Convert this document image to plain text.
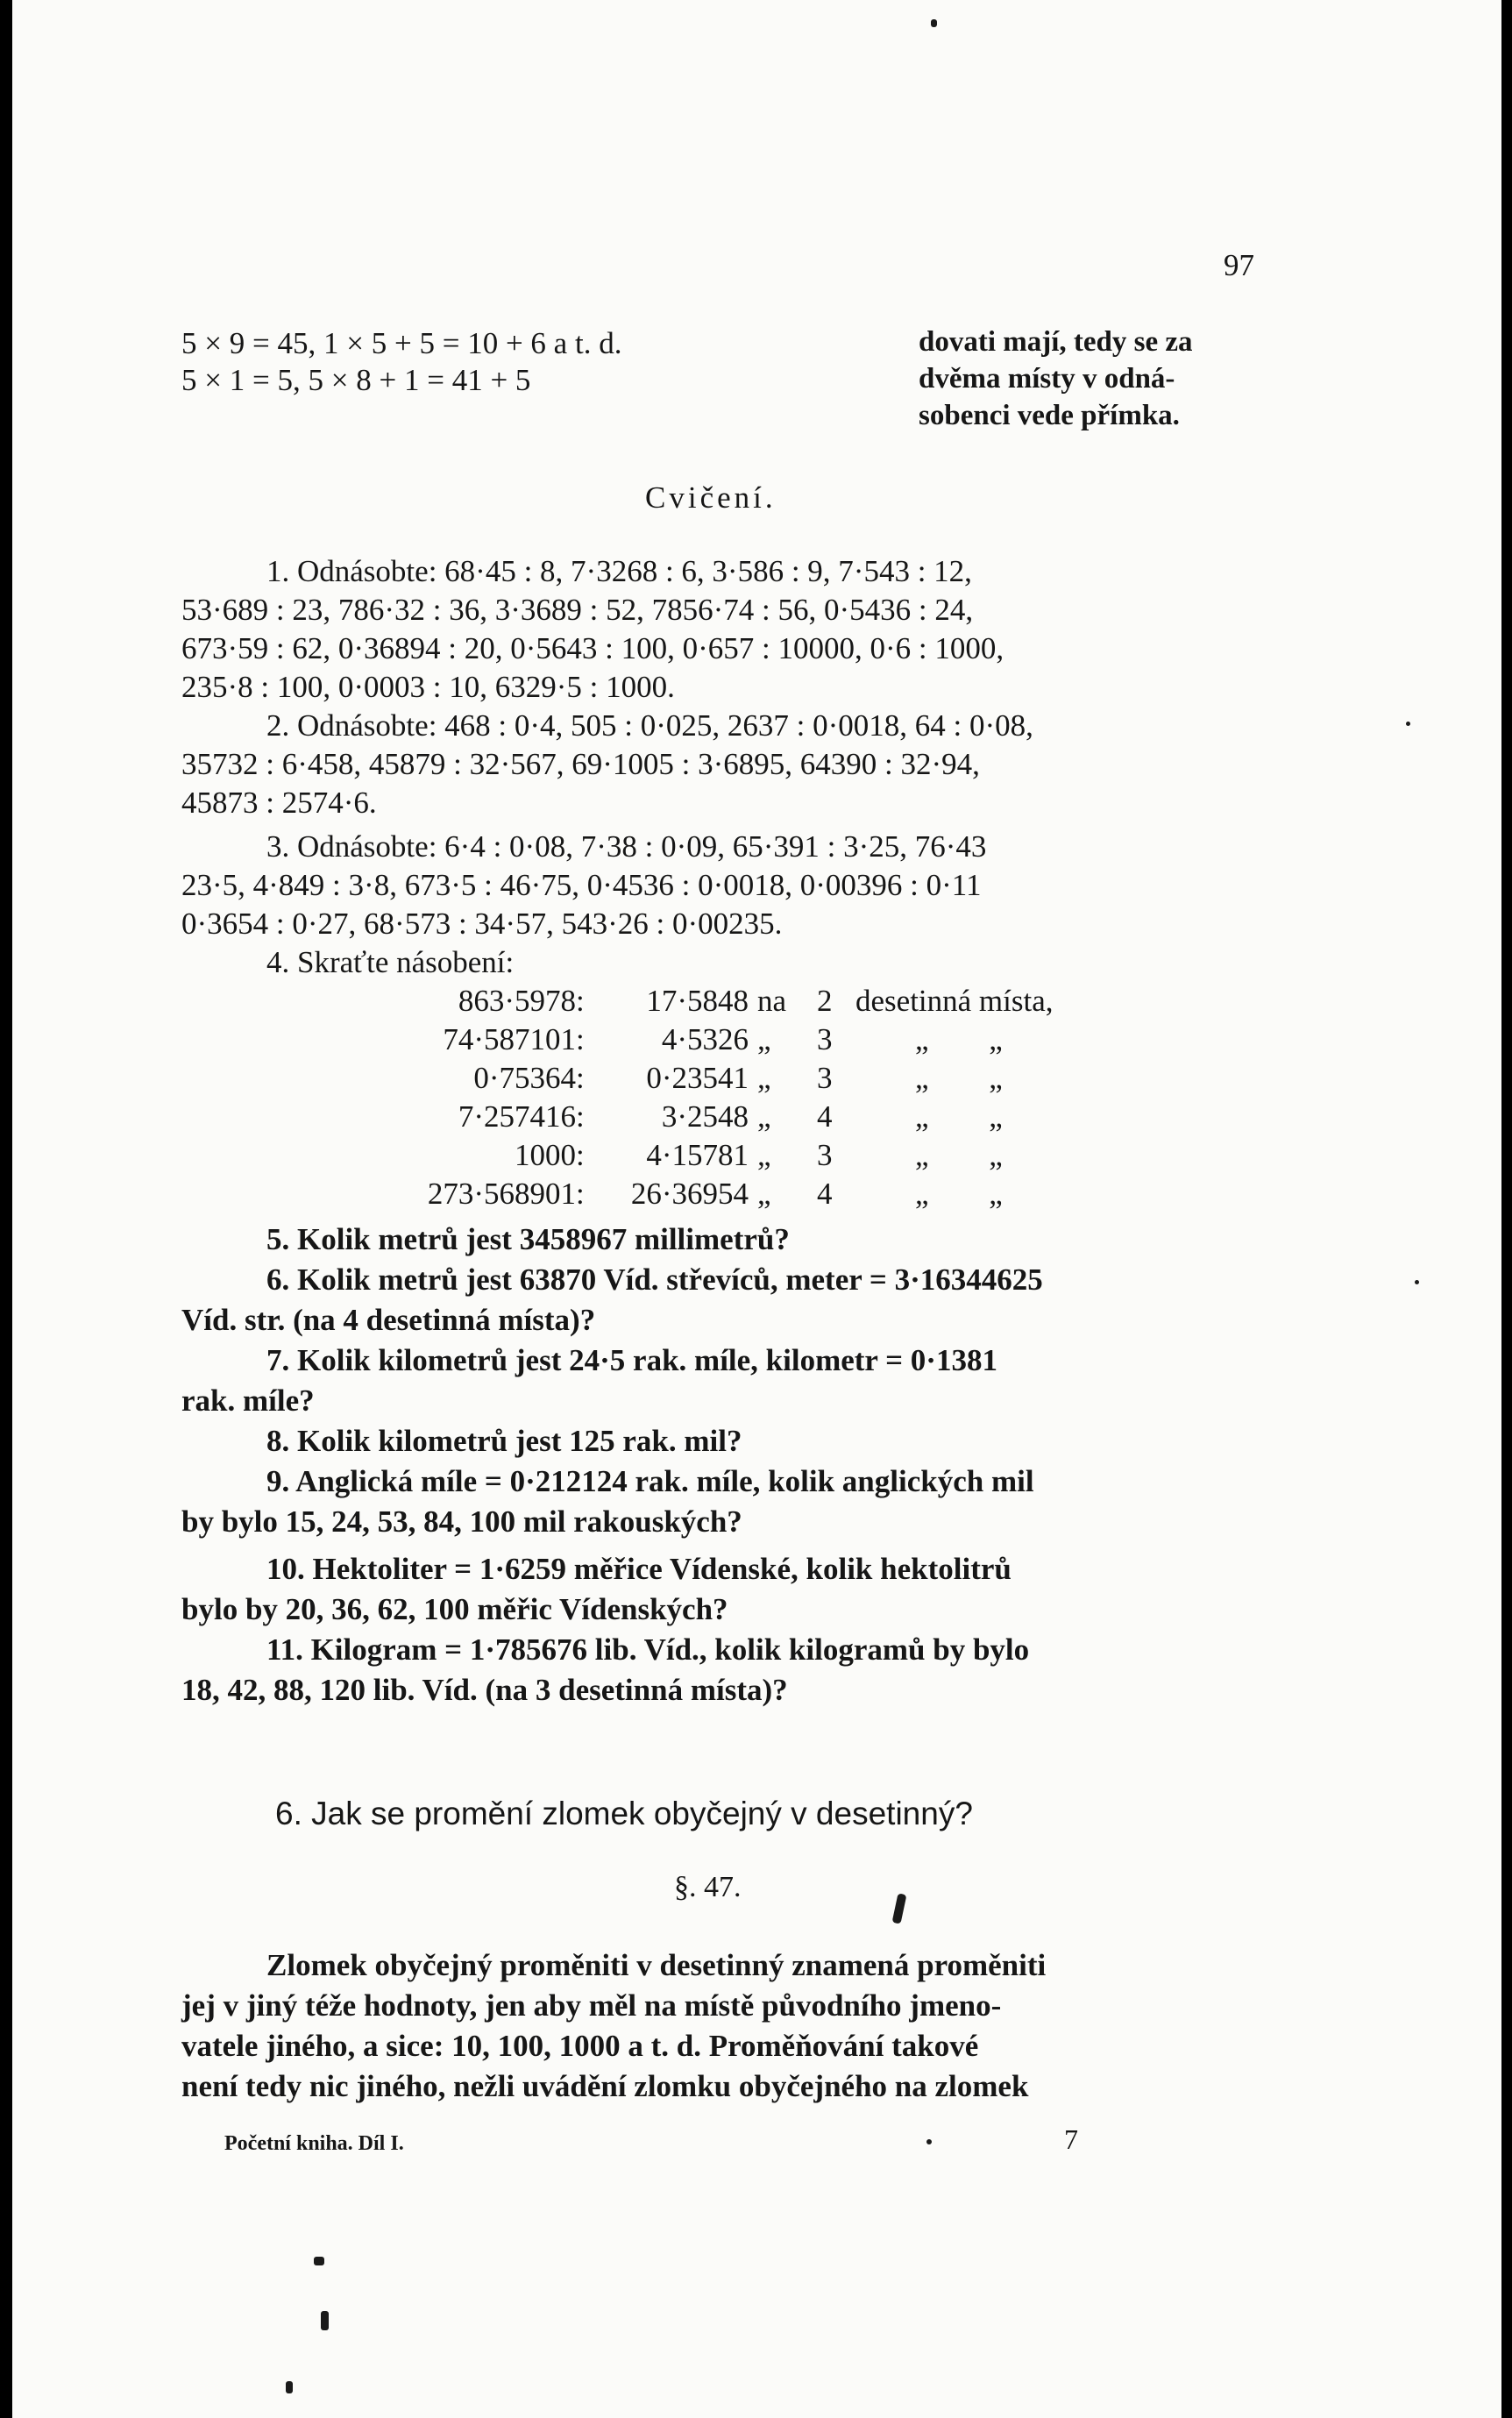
97
5 × 9 = 45, 1 × 5 + 5 = 10 + 6 a t. d.
5 × 1 = 5, 5 × 8 + 1 = 41 + 5
dovati mají, tedy se za
dvěma místy v odná-
sobenci vede přímka.
Cvičení.
1. Odnásobte: 68·45 : 8, 7·3268 : 6, 3·586 : 9, 7·543 : 12,
53·689 : 23, 786·32 : 36, 3·3689 : 52, 7856·74 : 56, 0·5436 : 24,
673·59 : 62, 0·36894 : 20, 0·5643 : 100, 0·657 : 10000, 0·6 : 1000,
235·8 : 100, 0·0003 : 10, 6329·5 : 1000.
2. Odnásobte: 468 : 0·4, 505 : 0·025, 2637 : 0·0018, 64 : 0·08,
35732 : 6·458, 45879 : 32·567, 69·1005 : 3·6895, 64390 : 32·94,
45873 : 2574·6.
3. Odnásobte: 6·4 : 0·08, 7·38 : 0·09, 65·391 : 3·25, 76·43
23·5, 4·849 : 3·8, 673·5 : 46·75, 0·4536 : 0·0018, 0·00396 : 0·11
0·3654 : 0·27, 68·573 : 34·57, 543·26 : 0·00235.
4. Skraťte násobení:
863·5978 :	17·5848 na 2 desetinná místa,
74·587101 :	4·5326 „ 3	„ „
0·75364 :	0·23541 „ 3	„ „
7·257416 :	3·2548 „ 4	„ „
1000 :	4·15781 „ 3	„ „
273·568901 :	26·36954 „ 4	„ „
5. Kolik metrů jest 3458967 millimetrů?
6. Kolik metrů jest 63870 Víd. střevíců, meter = 3·16344625
Víd. str. (na 4 desetinná místa)?
7. Kolik kilometrů jest 24·5 rak. míle, kilometr = 0·1381
rak. míle?
8. Kolik kilometrů jest 125 rak. mil?
9. Anglická míle = 0·212124 rak. míle, kolik anglických mil
by bylo 15, 24, 53, 84, 100 mil rakouských?
10. Hektoliter = 1·6259 měřice Vídenské, kolik hektolitrů
bylo by 20, 36, 62, 100 měřic Vídenských?
11. Kilogram = 1·785676 lib. Víd., kolik kilogramů by bylo
18, 42, 88, 120 lib. Víd. (na 3 desetinná místa)?
6. Jak se promění zlomek obyčejný v desetinný?
§. 47.
Zlomek obyčejný proměniti v desetinný znamená proměniti
jej v jiný téže hodnoty, jen aby měl na místě původního jmeno-
vatele jiného, a sice: 10, 100, 1000 a t. d. Proměňování takové
není tedy nic jiného, nežli uvádění zlomku obyčejného na zlomek
Početní kniha. Díl I.	7
